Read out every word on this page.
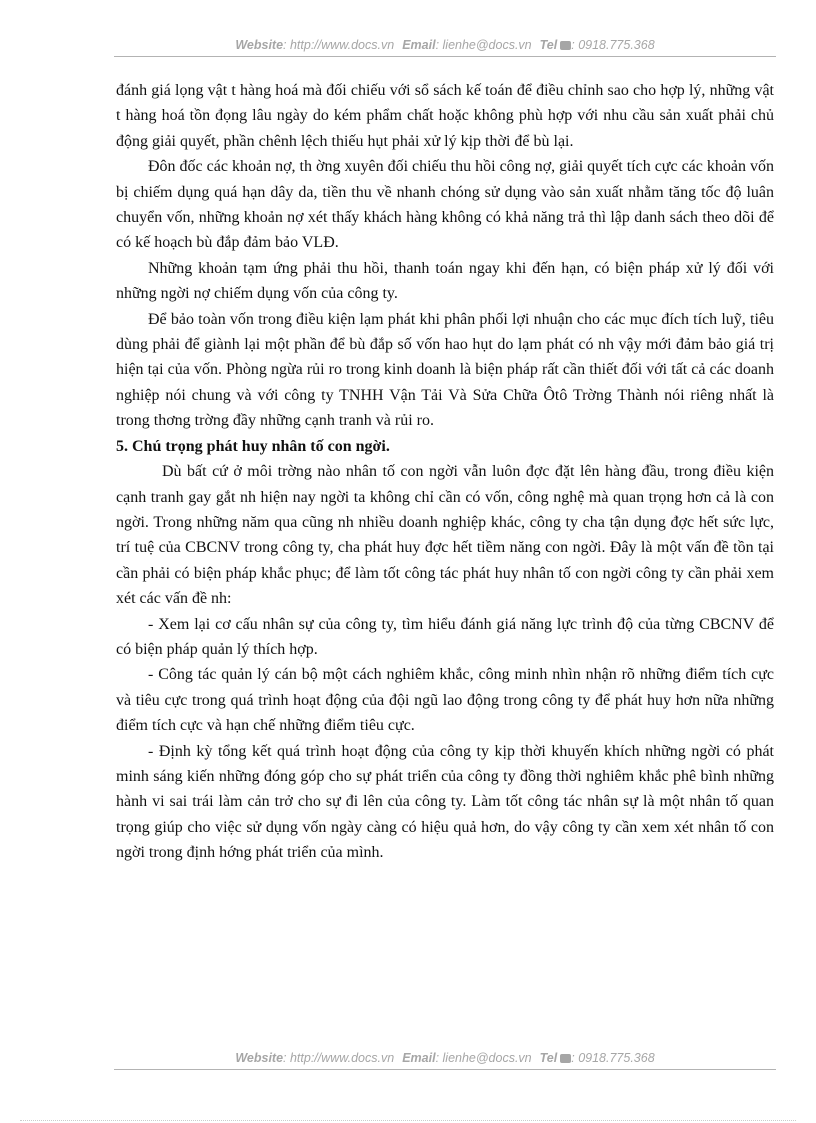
Website: http://www.docs.vn Email: lienhe@docs.vn Tel : 0918.775.368

đánh giá lọng vật t hàng hoá mà đối chiếu với sổ sách kế toán để điều chỉnh sao cho hợp lý, những vật t hàng hoá tồn đọng lâu ngày do kém phẩm chất hoặc không phù hợp với nhu cầu sản xuất phải chủ động giải quyết, phần chênh lệch thiếu hụt phải xử lý kịp thời để bù lại.

Đôn đốc các khoản nợ, th ờng xuyên đối chiếu thu hồi công nợ, giải quyết tích cực các khoản vốn bị chiếm dụng quá hạn dây da, tiền thu về nhanh chóng sử dụng vào sản xuất nhằm tăng tốc độ luân chuyển vốn, những khoản nợ xét thấy khách hàng không có khả năng trả thì lập danh sách theo dõi để có kế hoạch bù đắp đảm bảo VLĐ.

Những khoản tạm ứng phải thu hồi, thanh toán ngay khi đến hạn, có biện pháp xử lý đối với những ngời nợ chiếm dụng vốn của công ty.

Để bảo toàn vốn trong điều kiện lạm phát khi phân phối lợi nhuận cho các mục đích tích luỹ, tiêu dùng phải để giành lại một phần để bù đắp số vốn hao hụt do lạm phát có nh vậy mới đảm bảo giá trị hiện tại của vốn. Phòng ngừa rủi ro trong kinh doanh là biện pháp rất cần thiết đối với tất cả các doanh nghiệp nói chung và với công ty TNHH Vận Tải Và Sửa Chữa Ôtô Trờng Thành nói riêng nhất là trong thơng trờng đầy những cạnh tranh và rủi ro.

5. Chú trọng phát huy nhân tố con ngời.

Dù bất cứ ở môi trờng nào nhân tố con ngời vẫn luôn đợc đặt lên hàng đầu, trong điều kiện cạnh tranh gay gắt nh hiện nay ngời ta không chỉ cần có vốn, công nghệ mà quan trọng hơn cả là con ngời. Trong những năm qua cũng nh nhiều doanh nghiệp khác, công ty cha tận dụng đợc hết sức lực, trí tuệ của CBCNV trong công ty, cha phát huy đợc hết tiềm năng con ngời. Đây là một vấn đề tồn tại cần phải có biện pháp khắc phục; để làm tốt công tác phát huy nhân tố con ngời công ty cần phải xem xét các vấn đề nh:

- Xem lại cơ cấu nhân sự của công ty, tìm hiểu đánh giá năng lực trình độ của từng CBCNV để có biện pháp quản lý thích hợp.

- Công tác quản lý cán bộ một cách nghiêm khắc, công minh nhìn nhận rõ những điểm tích cực và tiêu cực trong quá trình hoạt động của đội ngũ lao động trong công ty để phát huy hơn nữa những điểm tích cực và hạn chế những điểm tiêu cực.

- Định kỳ tổng kết quá trình hoạt động của công ty kịp thời khuyến khích những ngời có phát minh sáng kiến những đóng góp cho sự phát triển của công ty đồng thời nghiêm khắc phê bình những hành vi sai trái làm cản trở cho sự đi lên của công ty. Làm tốt công tác nhân sự là một nhân tố quan trọng giúp cho việc sử dụng vốn ngày càng có hiệu quả hơn, do vậy công ty cần xem xét nhân tố con ngời trong định hớng phát triển của mình.

Website: http://www.docs.vn Email: lienhe@docs.vn Tel : 0918.775.368
